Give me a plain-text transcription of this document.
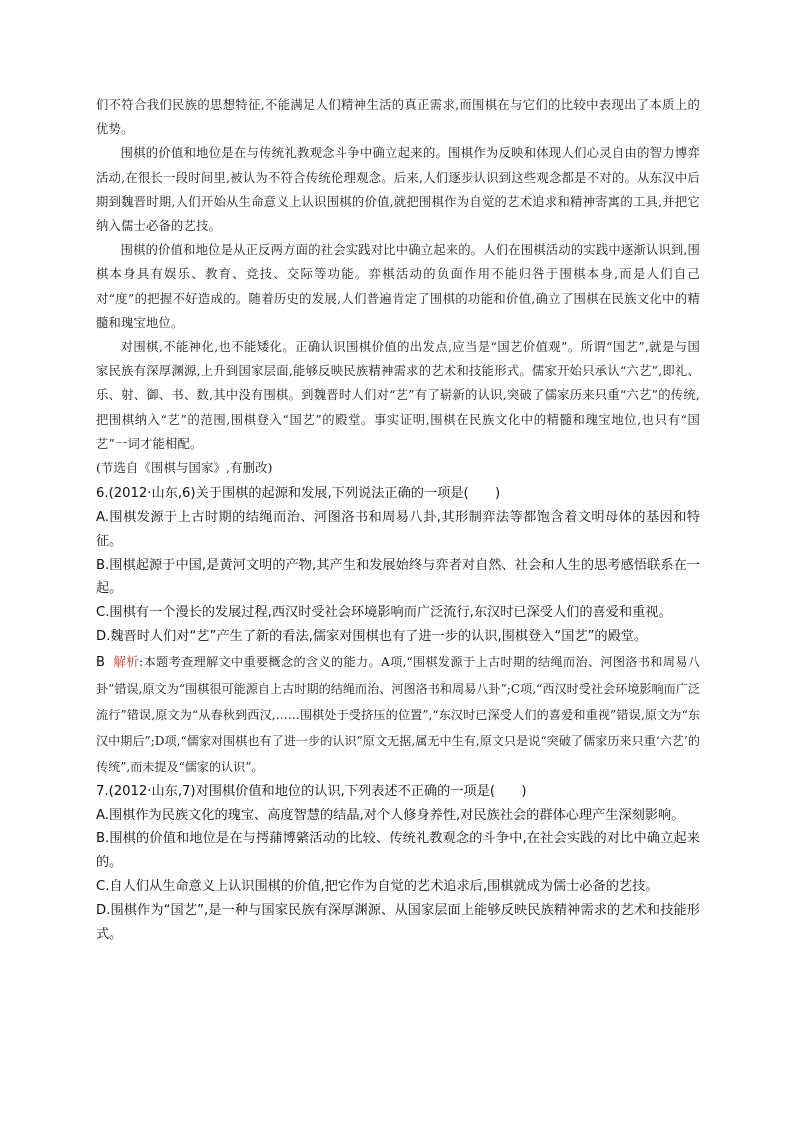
们不符合我们民族的思想特征,不能满足人们精神生活的真正需求,而围棋在与它们的比较中表现出了本质上的优势。

围棋的价值和地位是在与传统礼教观念斗争中确立起来的。围棋作为反映和体现人们心灵自由的智力博弈活动,在很长一段时间里,被认为不符合传统伦理观念。后来,人们逐步认识到这些观念都是不对的。从东汉中后期到魏晋时期,人们开始从生命意义上认识围棋的价值,就把围棋作为自觉的艺术追求和精神寄寓的工具,并把它纳入儒士必备的艺技。

围棋的价值和地位是从正反两方面的社会实践对比中确立起来的。人们在围棋活动的实践中逐渐认识到,围棋本身具有娱乐、教育、竞技、交际等功能。弈棋活动的负面作用不能归咎于围棋本身,而是人们自己对“度”的把握不好造成的。随着历史的发展,人们普遍肯定了围棋的功能和价值,确立了围棋在民族文化中的精髓和瑰宝地位。

对围棋,不能神化,也不能矮化。正确认识围棋价值的出发点,应当是“国艺价值观”。所谓“国艺”,就是与国家民族有深厚渊源,上升到国家层面,能够反映民族精神需求的艺术和技能形式。儒家开始只承认“六艺”,即礼、乐、射、御、书、数,其中没有围棋。到魏晋时人们对“艺”有了崭新的认识,突破了儒家历来只重“六艺”的传统,把围棋纳入“艺”的范围,围棋登入“国艺”的殿堂。事实证明,围棋在民族文化中的精髓和瑰宝地位,也只有“国艺”一词才能相配。

(节选自《围棋与国家》,有删改)

6.(2012·山东,6)关于围棋的起源和发展,下列说法正确的一项是(　　)

A.围棋发源于上古时期的结绳而治、河图洛书和周易八卦,其形制弈法等都饱含着文明母体的基因和特征。

B.围棋起源于中国,是黄河文明的产物,其产生和发展始终与弈者对自然、社会和人生的思考感悟联系在一起。

C.围棋有一个漫长的发展过程,西汉时受社会环境影响而广泛流行,东汉时已深受人们的喜爱和重视。

D.魏晋时人们对“艺”产生了新的看法,儒家对围棋也有了进一步的认识,围棋登入“国艺”的殿堂。

B 解析:本题考查理解文中重要概念的含义的能力。A项,“围棋发源于上古时期的结绳而治、河图洛书和周易八卦”错误,原文为“围棋很可能源自上古时期的结绳而治、河图洛书和周易八卦”;C项,“西汉时受社会环境影响而广泛流行”错误,原文为“从春秋到西汉,……围棋处于受挤压的位置”,“东汉时已深受人们的喜爱和重视”错误,原文为“东汉中期后”;D项,“儒家对围棋也有了进一步的认识”原文无据,属无中生有,原文只是说“突破了儒家历来只重‘六艺’的传统”,而未提及“儒家的认识”。

7.(2012·山东,7)对围棋价值和地位的认识,下列表述不正确的一项是(　　)

A.围棋作为民族文化的瑰宝、高度智慧的结晶,对个人修身养性,对民族社会的群体心理产生深刻影响。

B.围棋的价值和地位是在与摴蒱博綮活动的比较、传统礼教观念的斗争中,在社会实践的对比中确立起来的。

C.自人们从生命意义上认识围棋的价值,把它作为自觉的艺术追求后,围棋就成为儒士必备的艺技。

D.围棋作为“国艺”,是一种与国家民族有深厚渊源、从国家层面上能够反映民族精神需求的艺术和技能形式。
